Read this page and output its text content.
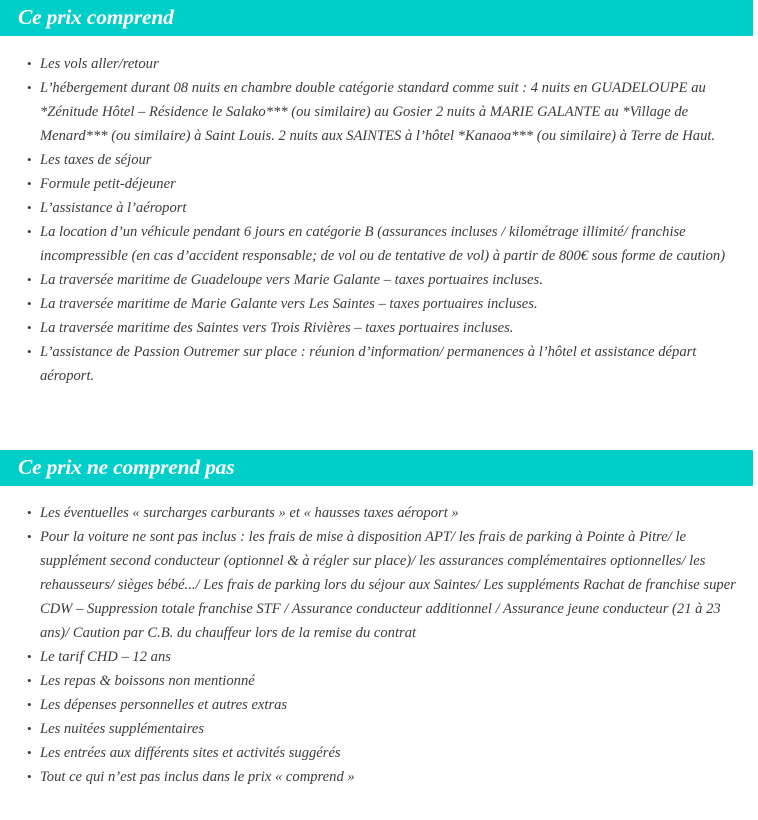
Ce prix comprend
• Les vols aller/retour
• L’hébergement durant 08 nuits en chambre double catégorie standard comme suit : 4 nuits en GUADELOUPE au *Zénitude Hôtel – Résidence le Salako*** (ou similaire) au Gosier 2 nuits à MARIE GALANTE au *Village de Menard*** (ou similaire) à Saint Louis. 2 nuits aux SAINTES à l’hôtel *Kanaoa*** (ou similaire) à Terre de Haut.
• Les taxes de séjour
• Formule petit-déjeuner
• L’assistance à l’aéroport
• La location d’un véhicule pendant 6 jours en catégorie B (assurances incluses / kilométrage illimité/ franchise incompressible (en cas d’accident responsable; de vol ou de tentative de vol) à partir de 800€ sous forme de caution)
• La traversée maritime de Guadeloupe vers Marie Galante – taxes portuaires incluses.
• La traversée maritime de Marie Galante vers Les Saintes – taxes portuaires incluses.
• La traversée maritime des Saintes vers Trois Rivières – taxes portuaires incluses.
• L’assistance de Passion Outremer sur place : réunion d’information/ permanences à l’hôtel et assistance départ aéroport.
Ce prix ne comprend pas
• Les éventuelles « surcharges carburants » et « hausses taxes aéroport »
• Pour la voiture ne sont pas inclus : les frais de mise à disposition APT/ les frais de parking à Pointe à Pitre/ le supplément second conducteur (optionnel & à régler sur place)/ les assurances complémentaires optionnelles/ les rehausseurs/ sièges bébé.../ Les frais de parking lors du séjour aux Saintes/ Les suppléments Rachat de franchise super CDW – Suppression totale franchise STF / Assurance conducteur additionnel / Assurance jeune conducteur (21 à 23 ans)/ Caution par C.B. du chauffeur lors de la remise du contrat
• Le tarif CHD – 12 ans
• Les repas & boissons non mentionné
• Les dépenses personnelles et autres extras
• Les nuitées supplémentaires
• Les entrées aux différents sites et activités suggérés
• Tout ce qui n’est pas inclus dans le prix « comprend »
